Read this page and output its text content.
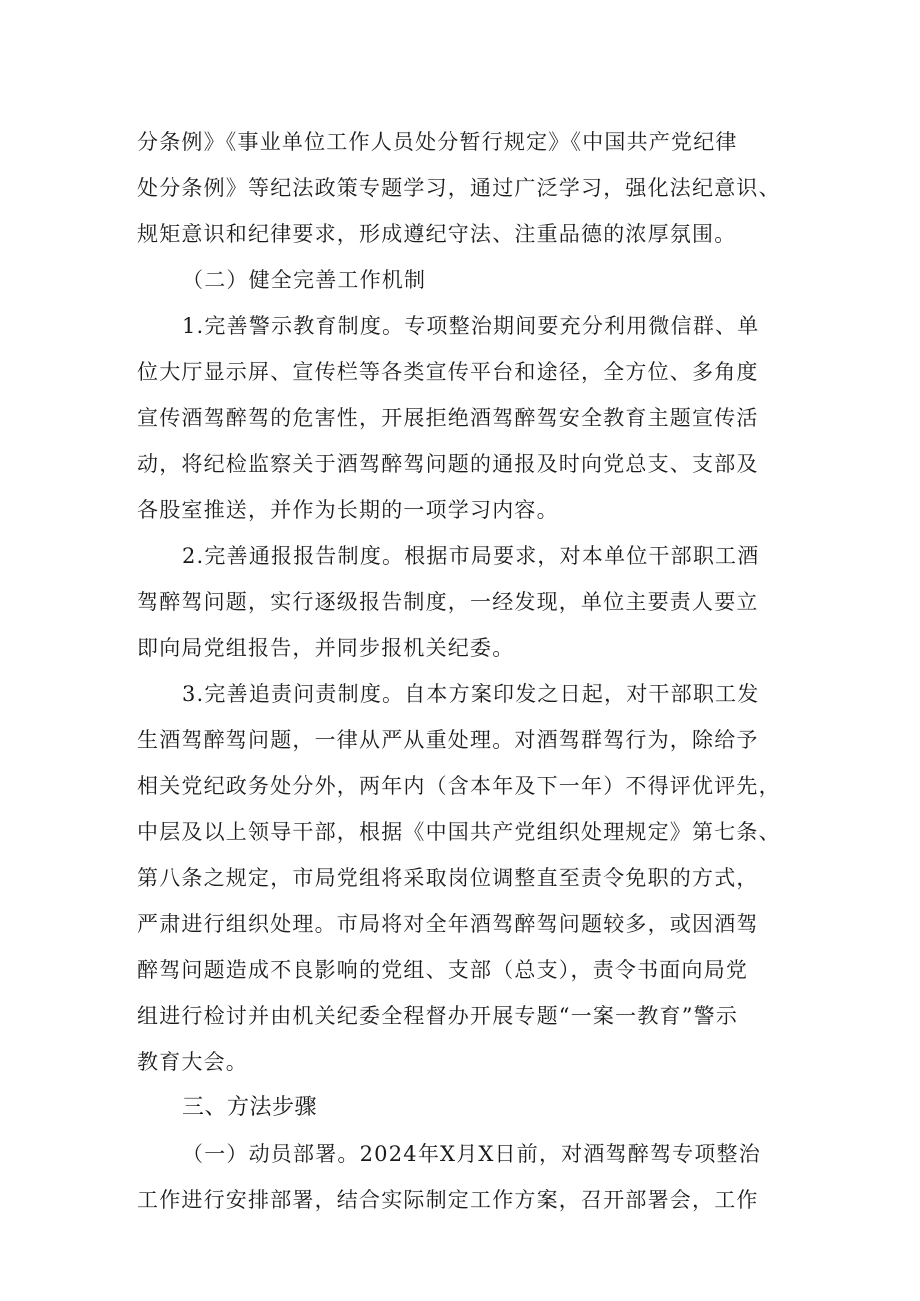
分条例》《事业单位工作人员处分暂行规定》《中国共产党纪律
处分条例》等纪法政策专题学习，通过广泛学习，强化法纪意识、
规矩意识和纪律要求，形成遵纪守法、注重品德的浓厚氛围。
（二）健全完善工作机制
1.完善警示教育制度。专项整治期间要充分利用微信群、单
位大厅显示屏、宣传栏等各类宣传平台和途径，全方位、多角度
宣传酒驾醉驾的危害性，开展拒绝酒驾醉驾安全教育主题宣传活
动，将纪检监察关于酒驾醉驾问题的通报及时向党总支、支部及
各股室推送，并作为长期的一项学习内容。
2.完善通报报告制度。根据市局要求，对本单位干部职工酒
驾醉驾问题，实行逐级报告制度，一经发现，单位主要责人要立
即向局党组报告，并同步报机关纪委。
3.完善追责问责制度。自本方案印发之日起，对干部职工发
生酒驾醉驾问题，一律从严从重处理。对酒驾群驾行为，除给予
相关党纪政务处分外，两年内（含本年及下一年）不得评优评先，
中层及以上领导干部，根据《中国共产党组织处理规定》第七条、
第八条之规定，市局党组将采取岗位调整直至责令免职的方式，
严肃进行组织处理。市局将对全年酒驾醉驾问题较多，或因酒驾
醉驾问题造成不良影响的党组、支部（总支），责令书面向局党
组进行检讨并由机关纪委全程督办开展专题“一案一教育”警示
教育大会。
三、方法步骤
（一）动员部署。2024年X月X日前，对酒驾醉驾专项整治
工作进行安排部署，结合实际制定工作方案，召开部署会，工作
